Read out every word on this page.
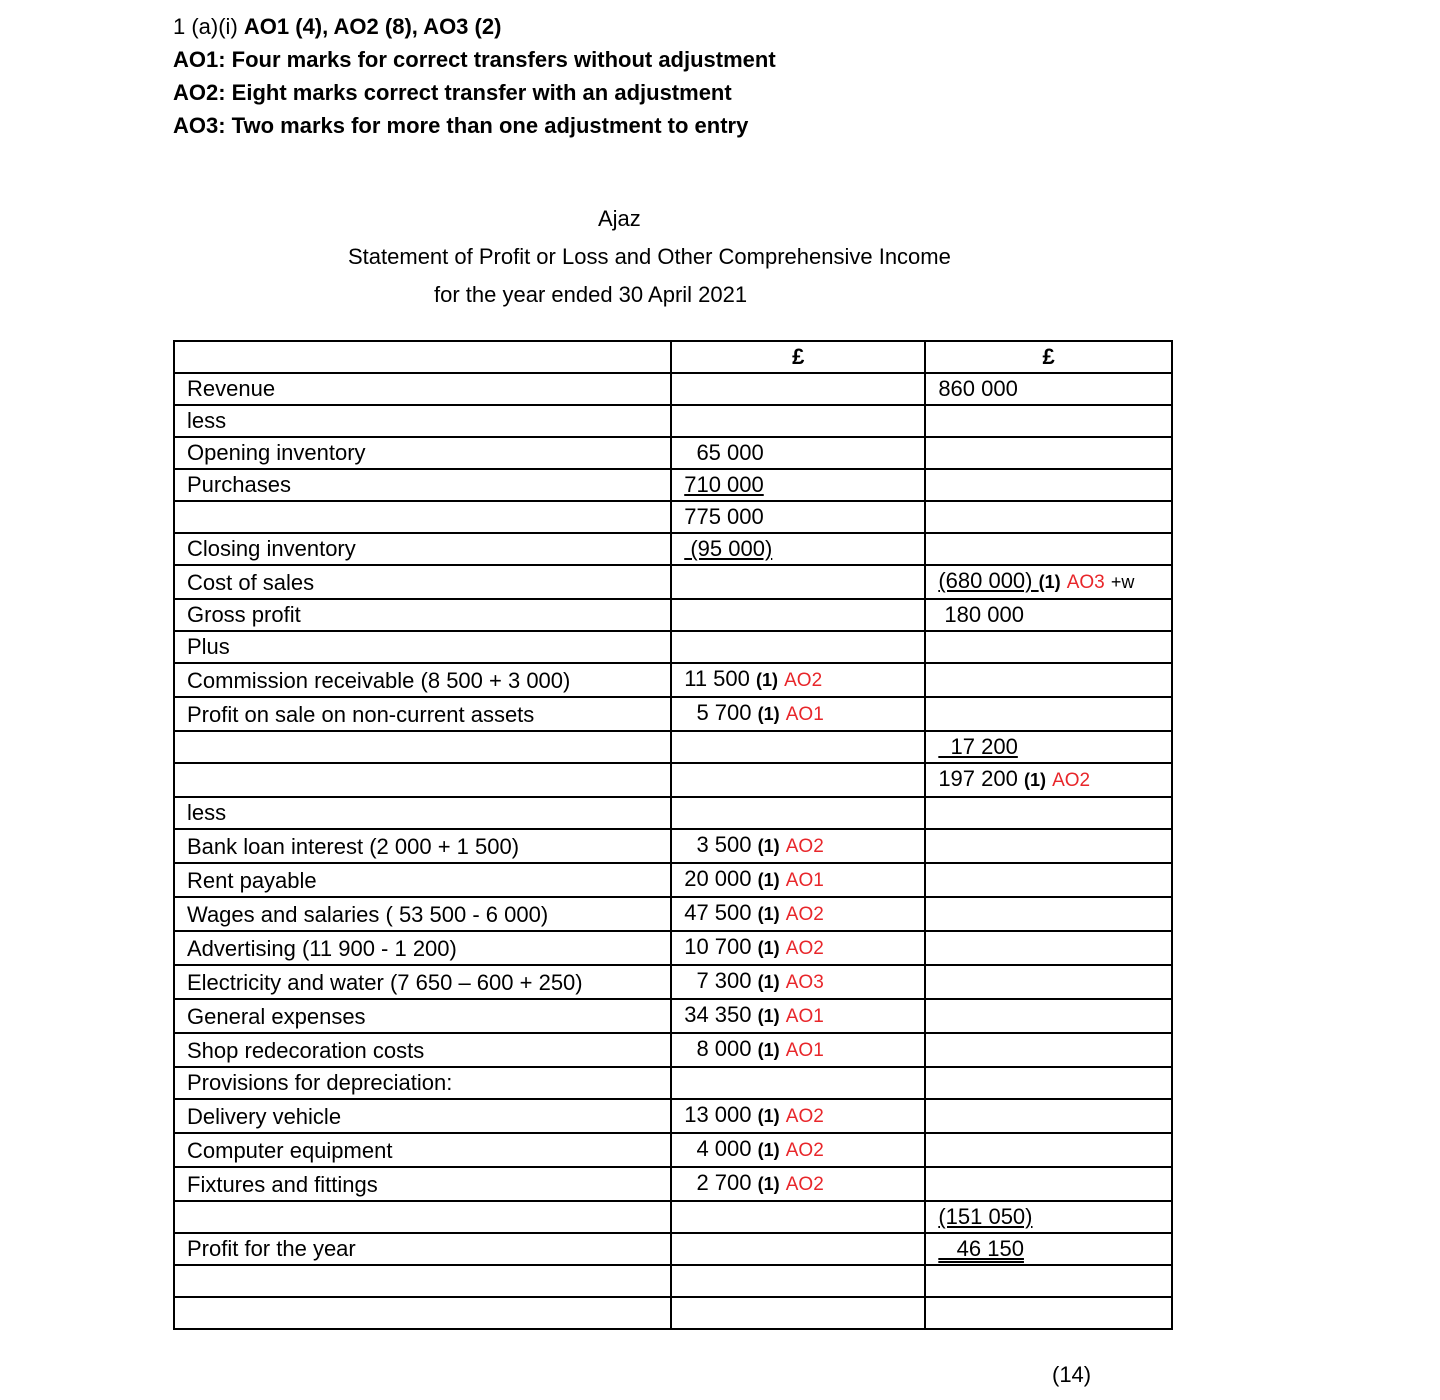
1 (a)(i) AO1 (4), AO2 (8), AO3 (2)
AO1: Four marks for correct transfers without adjustment
AO2: Eight marks correct transfer with an adjustment
AO3: Two marks for more than one adjustment to entry
Ajaz
Statement of Profit or Loss and Other Comprehensive Income
for the year ended 30 April 2021
	£	£
Revenue		860 000
less		
Opening inventory	65 000	
Purchases	710 000	
	775 000	
Closing inventory	(95 000)	
Cost of sales		(680 000) (1) AO3 +w
Gross profit		180 000
Plus		
Commission receivable (8 500 + 3 000)	11 500 (1) AO2	
Profit on sale on non-current assets	5 700 (1) AO1	
		17 200
		197 200 (1) AO2
less		
Bank loan interest (2 000 + 1 500)	3 500 (1) AO2	
Rent payable	20 000 (1) AO1	
Wages and salaries ( 53 500 - 6 000)	47 500 (1) AO2	
Advertising (11 900 - 1 200)	10 700 (1) AO2	
Electricity and water (7 650 – 600 + 250)	7 300 (1) AO3	
General expenses	34 350 (1) AO1	
Shop redecoration costs	8 000 (1) AO1	
Provisions for depreciation:		
Delivery vehicle	13 000 (1) AO2	
Computer equipment	4 000 (1) AO2	
Fixtures and fittings	2 700 (1) AO2	
		(151 050)
Profit for the year		46 150

(14)
